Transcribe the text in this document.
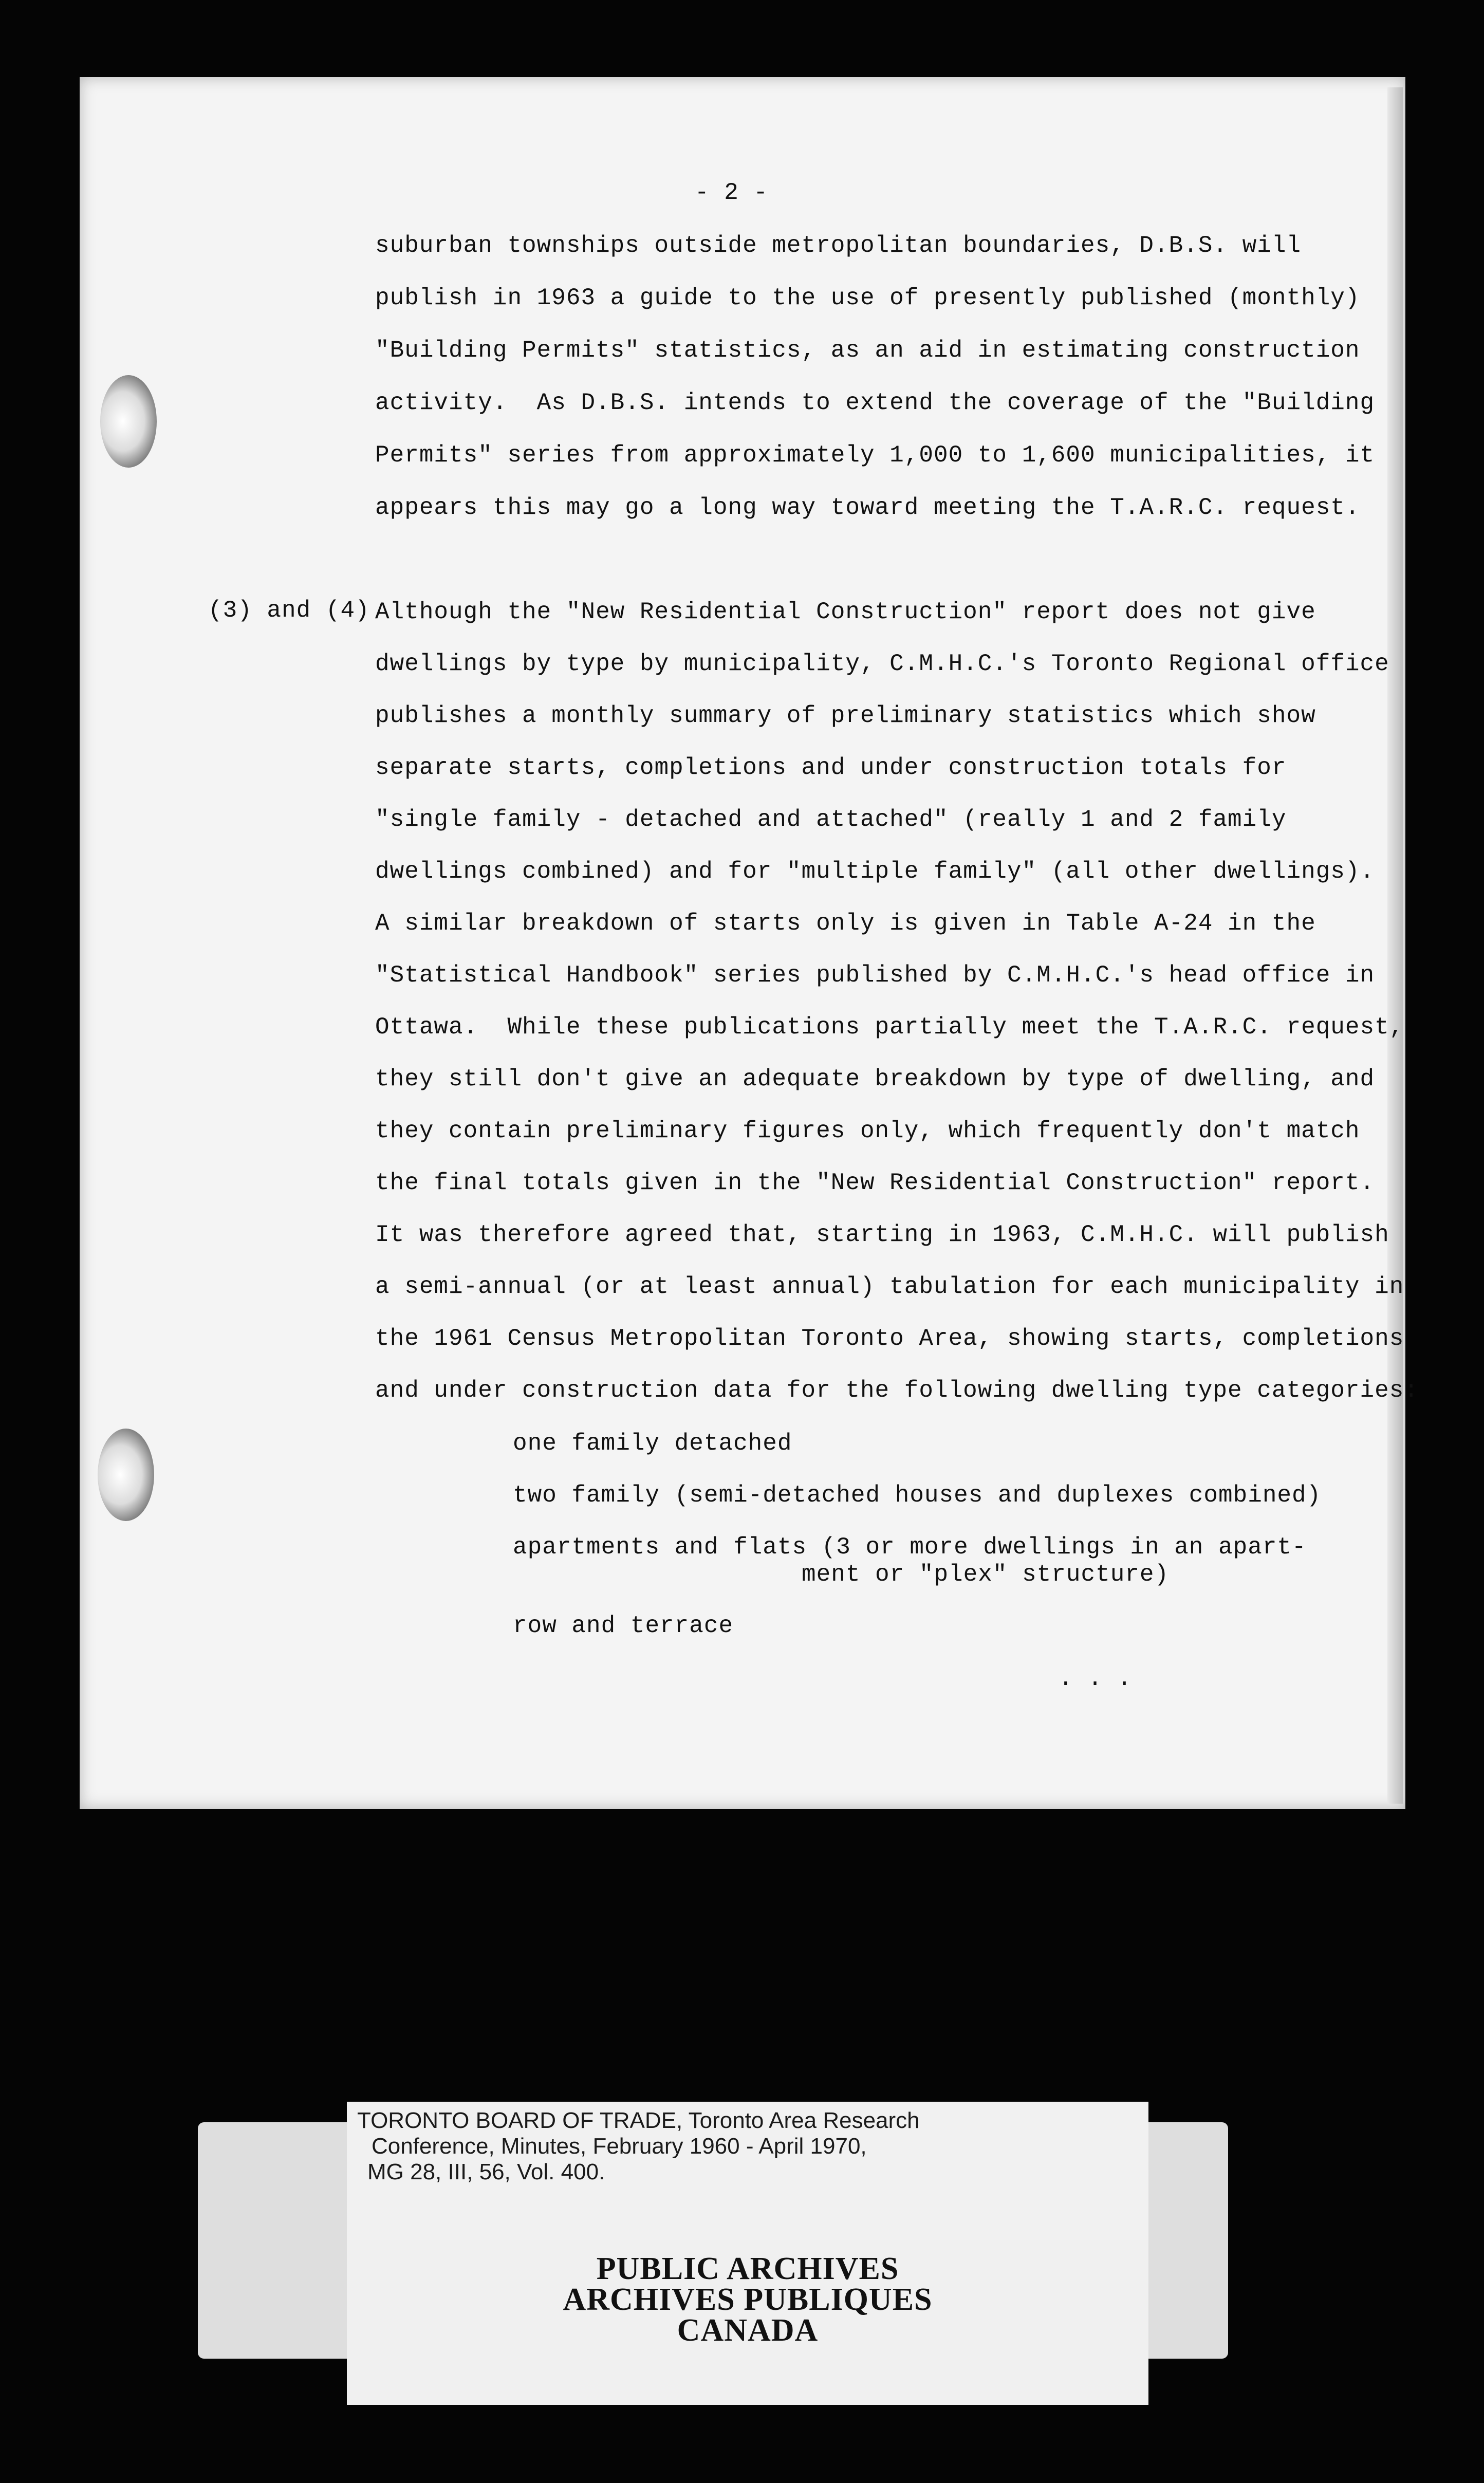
- 2 -
suburban townships outside metropolitan boundaries, D.B.S. will
publish in 1963 a guide to the use of presently published (monthly)
"Building Permits" statistics, as an aid in estimating construction
activity.  As D.B.S. intends to extend the coverage of the "Building
Permits" series from approximately 1,000 to 1,600 municipalities, it
appears this may go a long way toward meeting the T.A.R.C. request.
(3) and (4) Although the "New Residential Construction" report does not give
dwellings by type by municipality, C.M.H.C.'s Toronto Regional office
publishes a monthly summary of preliminary statistics which show
separate starts, completions and under construction totals for
"single family - detached and attached" (really 1 and 2 family
dwellings combined) and for "multiple family" (all other dwellings).
A similar breakdown of starts only is given in Table A-24 in the
"Statistical Handbook" series published by C.M.H.C.'s head office in
Ottawa.  While these publications partially meet the T.A.R.C. request,
they still don't give an adequate breakdown by type of dwelling, and
they contain preliminary figures only, which frequently don't match
the final totals given in the "New Residential Construction" report.
It was therefore agreed that, starting in 1963, C.M.H.C. will publish
a semi-annual (or at least annual) tabulation for each municipality in
the 1961 Census Metropolitan Toronto Area, showing starts, completions
and under construction data for the following dwelling type categories:
one family detached
two family (semi-detached houses and duplexes combined)
apartments and flats (3 or more dwellings in an apart-
ment or "plex" structure)
row and terrace
. . .
TORONTO BOARD OF TRADE, Toronto Area Research
Conference, Minutes, February 1960 - April 1970,
MG 28, III, 56, Vol. 400.
PUBLIC ARCHIVES
ARCHIVES PUBLIQUES
CANADA
